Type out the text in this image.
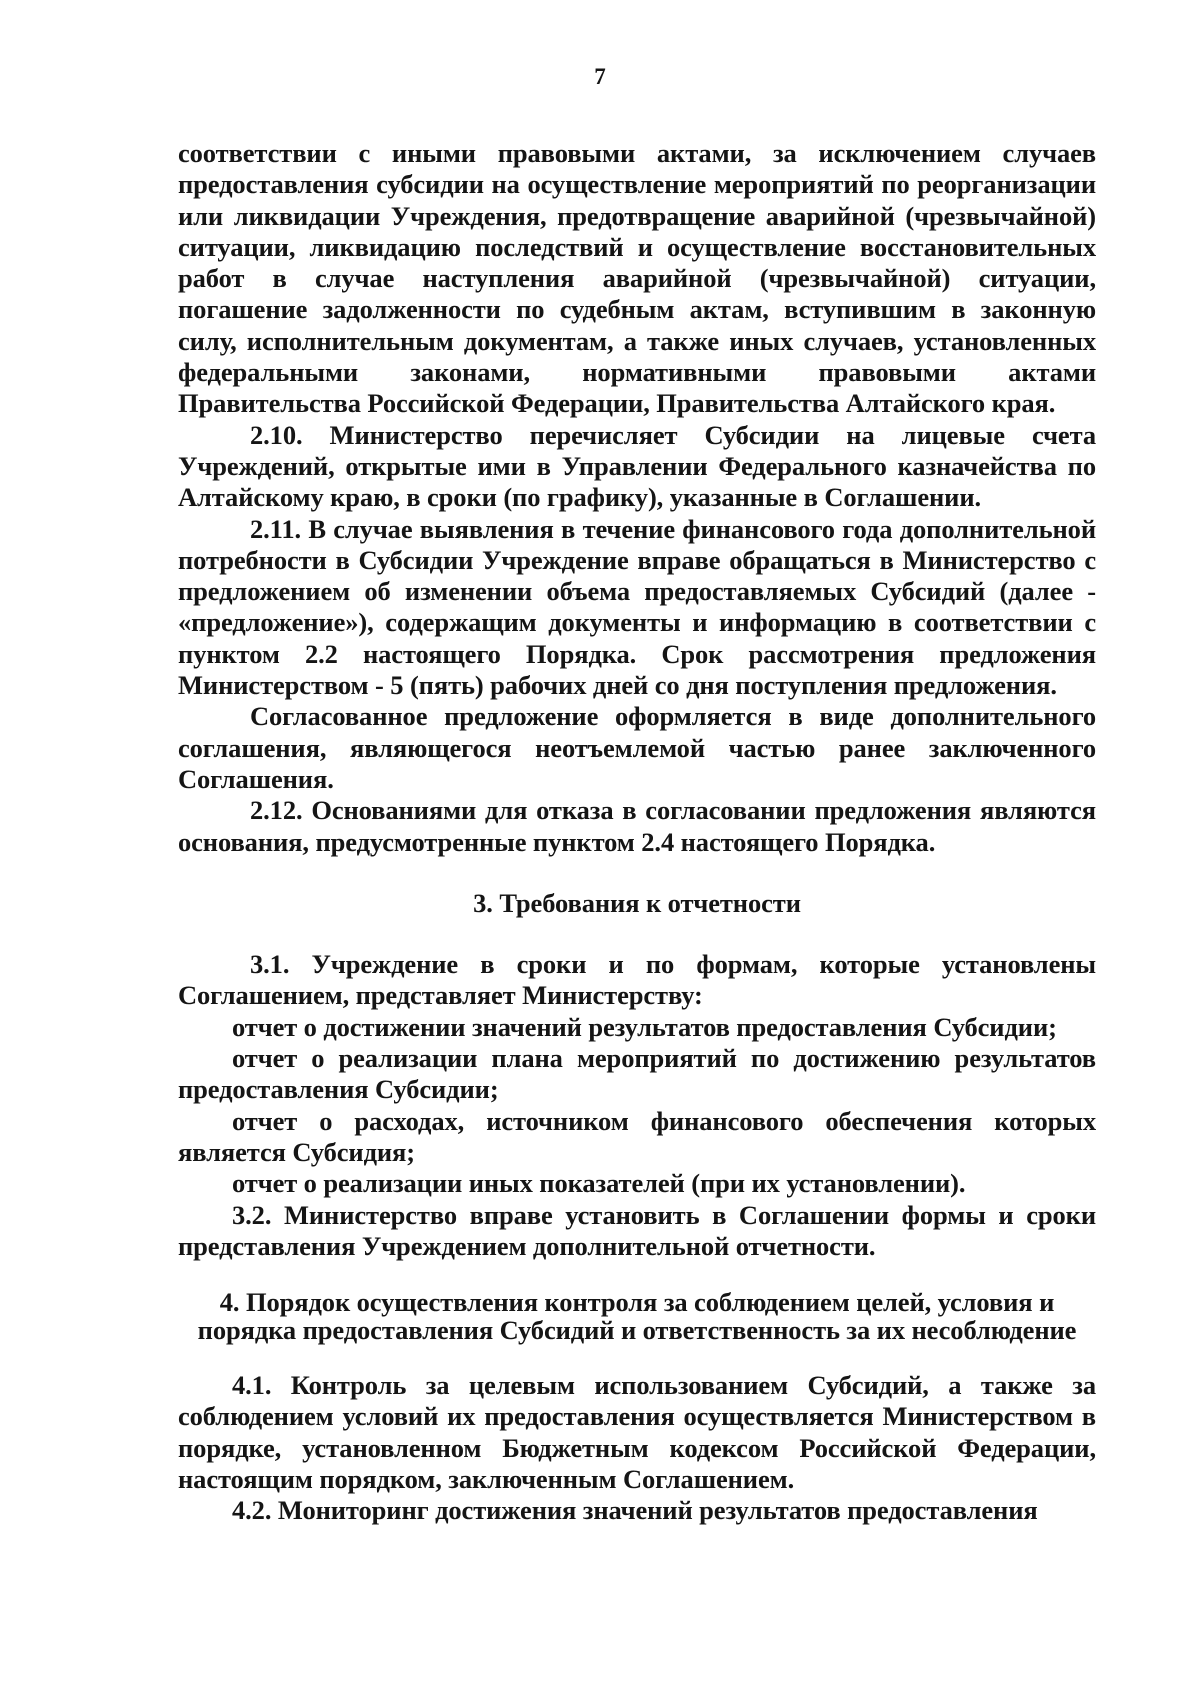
7

соответствии с иными правовыми актами, за исключением случаев предоставления субсидии на осуществление мероприятий по реорганизации или ликвидации Учреждения, предотвращение аварийной (чрезвычайной) ситуации, ликвидацию последствий и осуществление восстановительных работ в случае наступления аварийной (чрезвычайной) ситуации, погашение задолженности по судебным актам, вступившим в законную силу, исполнительным документам, а также иных случаев, установленных федеральными законами, нормативными правовыми актами Правительства Российской Федерации, Правительства Алтайского края.

2.10. Министерство перечисляет Субсидии на лицевые счета Учреждений, открытые ими в Управлении Федерального казначейства по Алтайскому краю, в сроки (по графику), указанные в Соглашении.

2.11. В случае выявления в течение финансового года дополнительной потребности в Субсидии Учреждение вправе обращаться в Министерство с предложением об изменении объема предоставляемых Субсидий (далее - «предложение»), содержащим документы и информацию в соответствии с пунктом 2.2 настоящего Порядка. Срок рассмотрения предложения Министерством - 5 (пять) рабочих дней со дня поступления предложения.

Согласованное предложение оформляется в виде дополнительного соглашения, являющегося неотъемлемой частью ранее заключенного Соглашения.

2.12. Основаниями для отказа в согласовании предложения являются основания, предусмотренные пунктом 2.4 настоящего Порядка.

3. Требования к отчетности

3.1. Учреждение в сроки и по формам, которые установлены Соглашением, представляет Министерству:

отчет о достижении значений результатов предоставления Субсидии;

отчет о реализации плана мероприятий по достижению результатов предоставления Субсидии;

отчет о расходах, источником финансового обеспечения которых является Субсидия;

отчет о реализации иных показателей (при их установлении).

3.2. Министерство вправе установить в Соглашении формы и сроки представления Учреждением дополнительной отчетности.

4. Порядок осуществления контроля за соблюдением целей, условия и
порядка предоставления Субсидий и ответственность за их несоблюдение

4.1. Контроль за целевым использованием Субсидий, а также за соблюдением условий их предоставления осуществляется Министерством в порядке, установленном Бюджетным кодексом Российской Федерации, настоящим порядком, заключенным Соглашением.

4.2. Мониторинг достижения значений результатов предоставления
